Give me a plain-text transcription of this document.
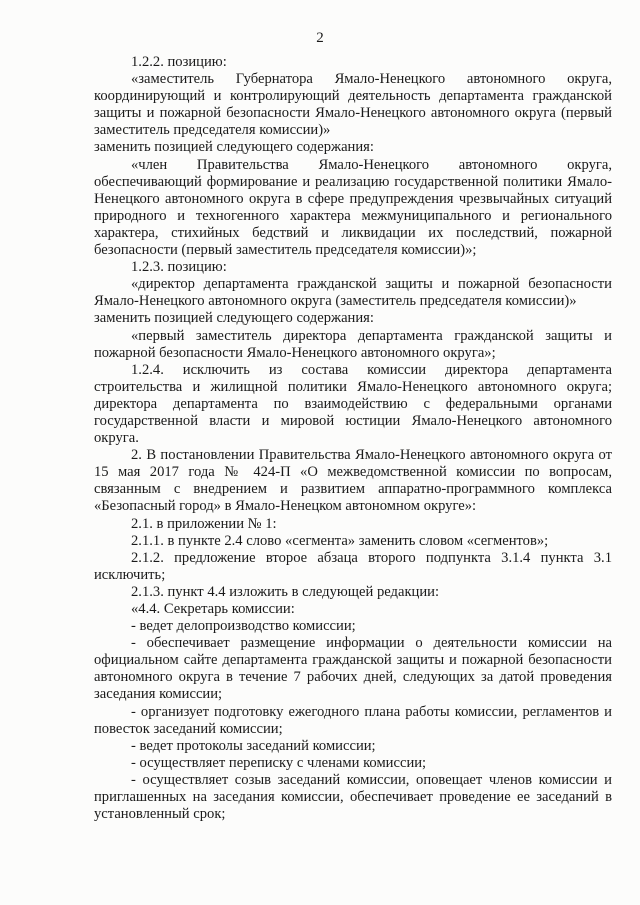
2

1.2.2. позицию:

«заместитель Губернатора Ямало-Ненецкого автономного округа, координирующий и контролирующий деятельность департамента гражданской защиты и пожарной безопасности Ямало-Ненецкого автономного округа (первый заместитель председателя комиссии)»

заменить позицией следующего содержания:

«член Правительства Ямало-Ненецкого автономного округа, обеспечивающий формирование и реализацию государственной политики Ямало-Ненецкого автономного округа в сфере предупреждения чрезвычайных ситуаций природного и техногенного характера межмуниципального и регионального характера, стихийных бедствий и ликвидации их последствий, пожарной безопасности (первый заместитель председателя комиссии)»;

1.2.3. позицию:

«директор департамента гражданской защиты и пожарной безопасности Ямало-Ненецкого автономного округа (заместитель председателя комиссии)»

заменить позицией следующего содержания:

«первый заместитель директора департамента гражданской защиты и пожарной безопасности Ямало-Ненецкого автономного округа»;

1.2.4. исключить из состава комиссии директора департамента строительства и жилищной политики Ямало-Ненецкого автономного округа; директора департамента по взаимодействию с федеральными органами государственной власти и мировой юстиции Ямало-Ненецкого автономного округа.

2. В постановлении Правительства Ямало-Ненецкого автономного округа от 15 мая 2017 года № 424-П «О межведомственной комиссии по вопросам, связанным с внедрением и развитием аппаратно-программного комплекса «Безопасный город» в Ямало-Ненецком автономном округе»:

2.1. в приложении № 1:

2.1.1. в пункте 2.4 слово «сегмента» заменить словом «сегментов»;

2.1.2. предложение второе абзаца второго подпункта 3.1.4 пункта 3.1 исключить;

2.1.3. пункт 4.4 изложить в следующей редакции:

«4.4. Секретарь комиссии:

- ведет делопроизводство комиссии;

- обеспечивает размещение информации о деятельности комиссии на официальном сайте департамента гражданской защиты и пожарной безопасности автономного округа в течение 7 рабочих дней, следующих за датой проведения заседания комиссии;

- организует подготовку ежегодного плана работы комиссии, регламентов и повесток заседаний комиссии;

- ведет протоколы заседаний комиссии;

- осуществляет переписку с членами комиссии;

- осуществляет созыв заседаний комиссии, оповещает членов комиссии и приглашенных на заседания комиссии, обеспечивает проведение ее заседаний в установленный срок;
